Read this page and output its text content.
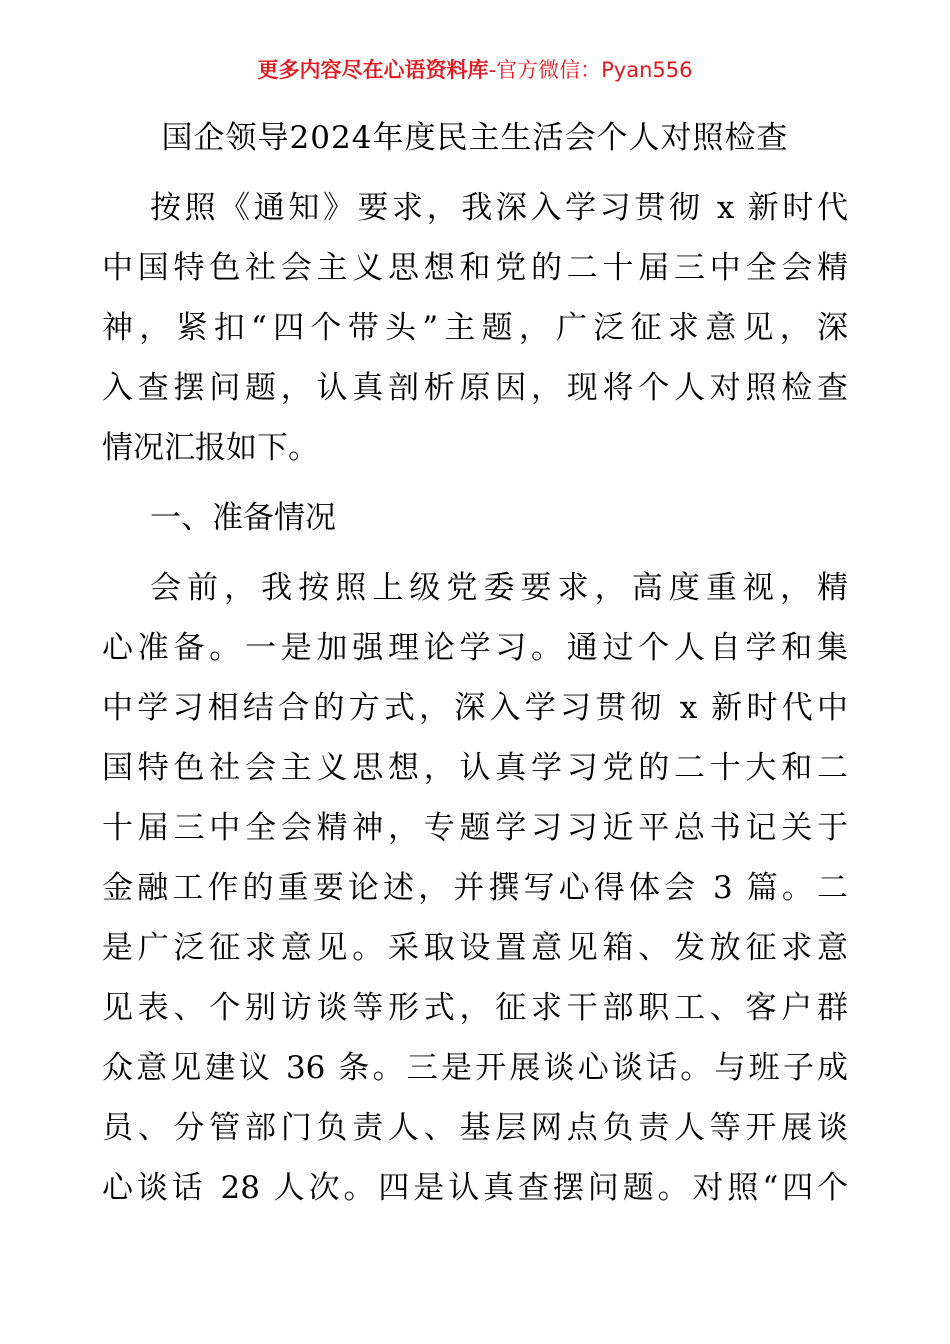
更多内容尽在心语资料库-官方微信：Pyan556
国企领导2024年度民主生活会个人对照检查
按照《通知》要求，我深入学习贯彻 x 新时代
中国特色社会主义思想和党的二十届三中全会精
神，紧扣“四个带头”主题，广泛征求意见，深
入查摆问题，认真剖析原因，现将个人对照检查
情况汇报如下。
一、准备情况
会前，我按照上级党委要求，高度重视，精
心准备。一是加强理论学习。通过个人自学和集
中学习相结合的方式，深入学习贯彻 x 新时代中
国特色社会主义思想，认真学习党的二十大和二
十届三中全会精神，专题学习习近平总书记关于
金融工作的重要论述，并撰写心得体会 3 篇。二
是广泛征求意见。采取设置意见箱、发放征求意
见表、个别访谈等形式，征求干部职工、客户群
众意见建议 36 条。三是开展谈心谈话。与班子成
员、分管部门负责人、基层网点负责人等开展谈
心谈话 28 人次。四是认真查摆问题。对照“四个
